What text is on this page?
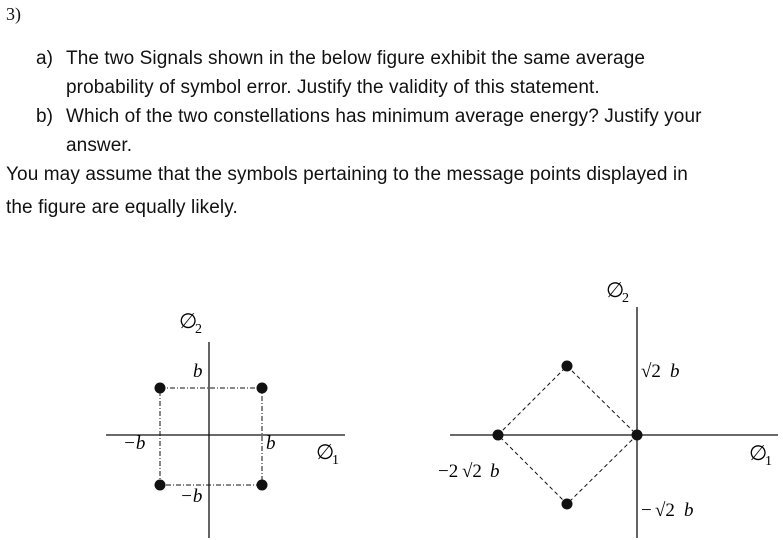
3)
a) The two Signals shown in the below figure exhibit the same average
probability of symbol error. Justify the validity of this statement.
b) Which of the two constellations has minimum average energy? Justify your
answer.
You may assume that the symbols pertaining to the message points displayed in
the figure are equally likely.
∅
2
b
−b	b
−b
∅
1
∅
2
√2 b
−2 √2 b
− √2 b
∅
1
